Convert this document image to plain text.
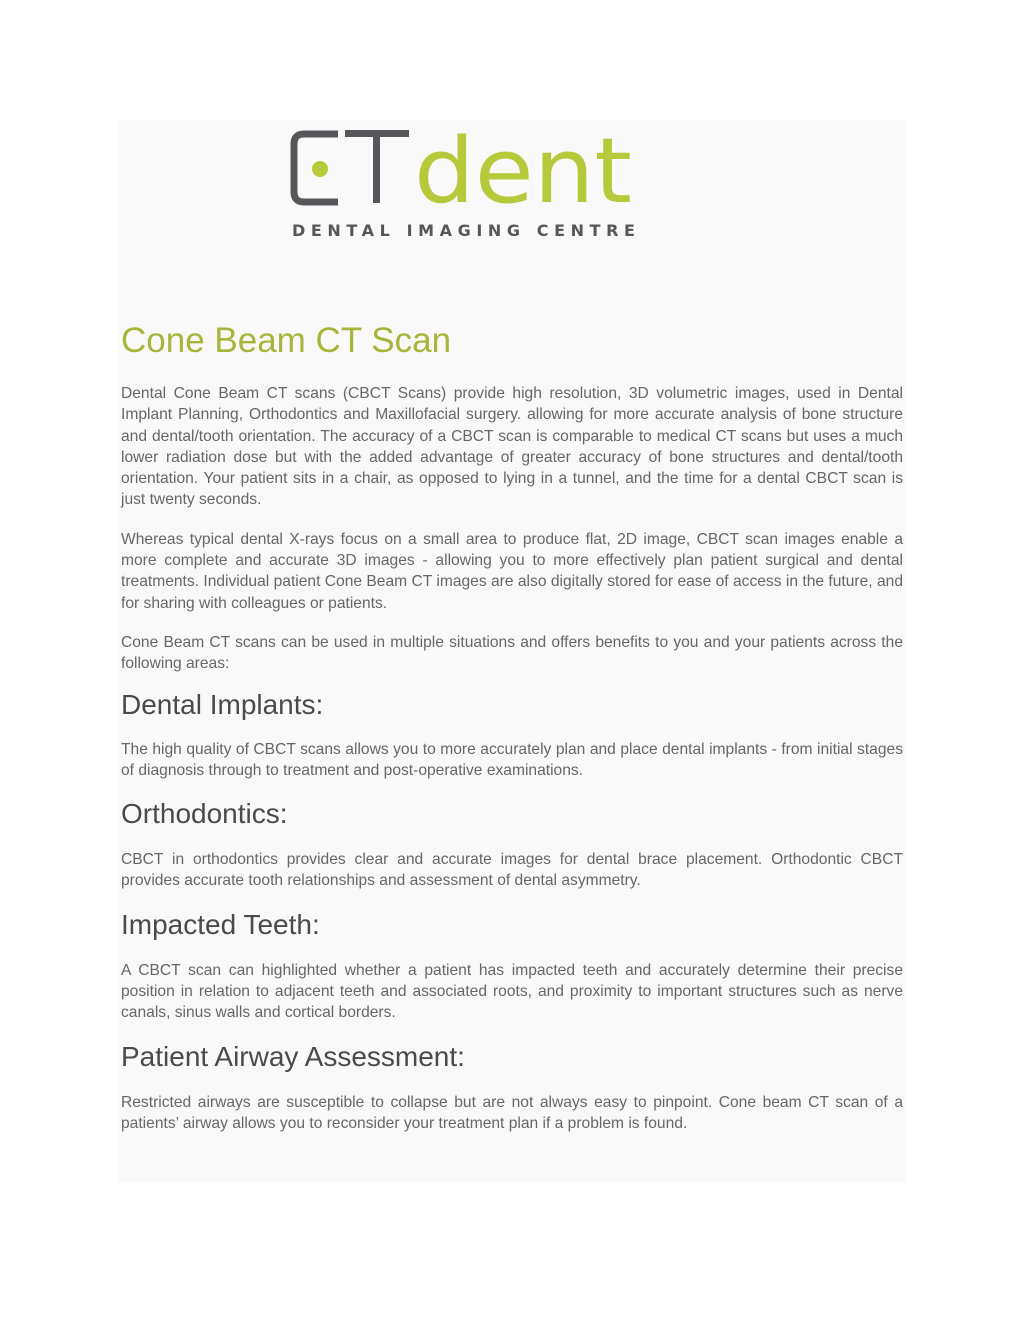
dent
DENTAL IMAGING CENTRE
Cone Beam CT Scan

Dental Cone Beam CT scans (CBCT Scans) provide high resolution, 3D volumetric images, used in Dental Implant Planning, Orthodontics and Maxillofacial surgery. allowing for more accurate analysis of bone structure and dental/tooth orientation. The accuracy of a CBCT scan is comparable to medical CT scans but uses a much lower radiation dose but with the added advantage of greater accuracy of bone structures and dental/tooth orientation. Your patient sits in a chair, as opposed to lying in a tunnel, and the time for a dental CBCT scan is just twenty seconds.

Whereas typical dental X-rays focus on a small area to produce flat, 2D image, CBCT scan images enable a more complete and accurate 3D images - allowing you to more effectively plan patient surgical and dental treatments. Individual patient Cone Beam CT images are also digitally stored for ease of access in the future, and for sharing with colleagues or patients.

Cone Beam CT scans can be used in multiple situations and offers benefits to you and your patients across the following areas:

Dental Implants:

The high quality of CBCT scans allows you to more accurately plan and place dental implants - from initial stages of diagnosis through to treatment and post-operative examinations.

Orthodontics:

CBCT in orthodontics provides clear and accurate images for dental brace placement. Orthodontic CBCT provides accurate tooth relationships and assessment of dental asymmetry.

Impacted Teeth:

A CBCT scan can highlighted whether a patient has impacted teeth and accurately determine their precise position in relation to adjacent teeth and associated roots, and proximity to important structures such as nerve canals, sinus walls and cortical borders.

Patient Airway Assessment:

Restricted airways are susceptible to collapse but are not always easy to pinpoint. Cone beam CT scan of a patients’ airway allows you to reconsider your treatment plan if a problem is found.
